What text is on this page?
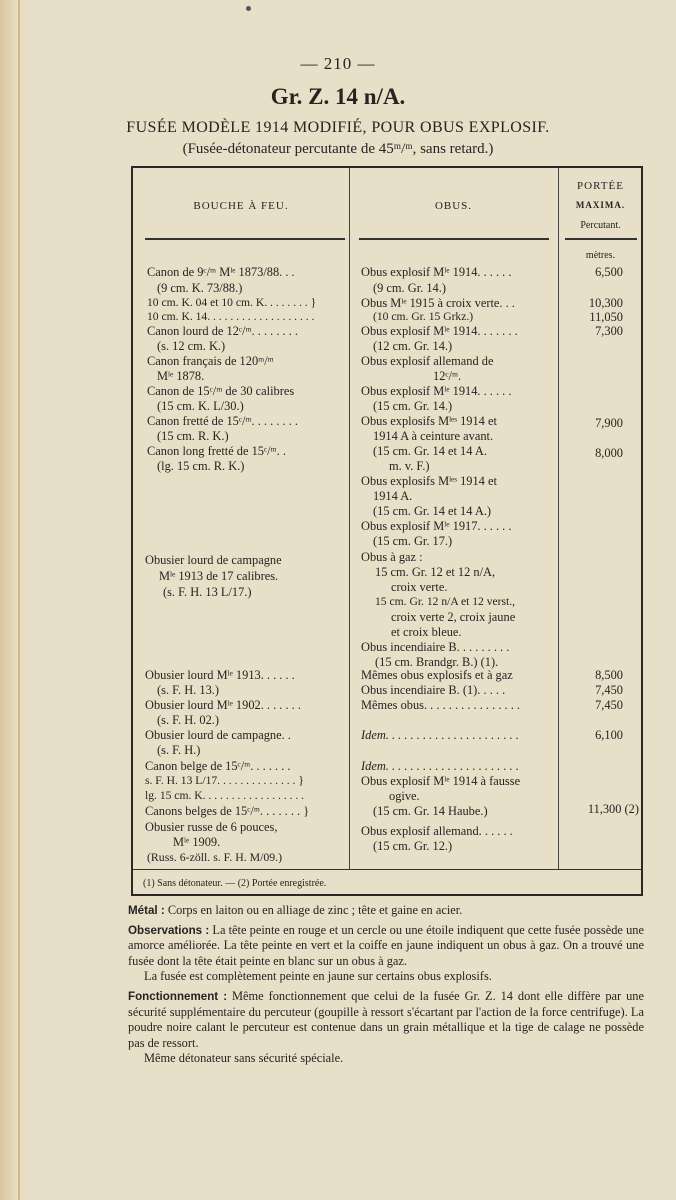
— 210 —
Gr. Z. 14 n/A.
FUSÉE MODÈLE 1914 MODIFIÉ, POUR OBUS EXPLOSIF.
(Fusée-détonateur percutante de 45ᵐ/ᵐ, sans retard.)
BOUCHE À FEU.	OBUS.
PORTÉE
MAXIMA.
Percutant.
mètres.
Canon de 9ᶜ/ᵐ Mˡᵉ 1873/88. . .
(9 cm. K. 73/88.)
10 cm. K. 04 et 10 cm. K. . . . . . . . }
10 cm. K. 14. . . . . . . . . . . . . . . . . . .
Canon lourd de 12ᶜ/ᵐ. . . . . . . .
(s. 12 cm. K.)
Canon français de 120ᵐ/ᵐ
Mˡᵉ 1878.
Canon de 15ᶜ/ᵐ de 30 calibres
(15 cm. K. L/30.)
Canon fretté de 15ᶜ/ᵐ. . . . . . . .
(15 cm. R. K.)
Canon long fretté de 15ᶜ/ᵐ. .
(lg. 15 cm. R. K.)
Obusier lourd de campagne
Mˡᵉ 1913 de 17 calibres.
(s. F. H. 13 L/17.)
Obusier lourd Mˡᵉ 1913. . . . . .
(s. F. H. 13.)
Obusier lourd Mˡᵉ 1902. . . . . . .
(s. F. H. 02.)
Obusier lourd de campagne. .
(s. F. H.)
Canon belge de 15ᶜ/ᵐ. . . . . . .
s. F. H. 13 L/17. . . . . . . . . . . . . . }
lg. 15 cm. K. . . . . . . . . . . . . . . . . .
Canons belges de 15ᶜ/ᵐ. . . . . . . }
Obusier russe de 6 pouces,
Mˡᵉ 1909.
(Russ. 6-zöll. s. F. H. M/09.)
Obus explosif Mˡᵉ 1914. . . . . .
(9 cm. Gr. 14.)
Obus Mˡᵉ 1915 à croix verte. . .
(10 cm. Gr. 15 Grkz.)
Obus explosif Mˡᵉ 1914. . . . . . .
(12 cm. Gr. 14.)
Obus explosif allemand de
12ᶜ/ᵐ.
Obus explosif Mˡᵉ 1914. . . . . .
(15 cm. Gr. 14.)
Obus explosifs Mˡᵉˢ 1914 et
1914 A à ceinture avant.
(15 cm. Gr. 14 et 14 A.
m. v. F.)
Obus explosifs Mˡᵉˢ 1914 et
1914 A.
(15 cm. Gr. 14 et 14 A.)
Obus explosif Mˡᵉ 1917. . . . . .
(15 cm. Gr. 17.)
Obus à gaz :
15 cm. Gr. 12 et 12 n/A,
croix verte.
15 cm. Gr. 12 n/A et 12 verst.,
croix verte 2, croix jaune
et croix bleue.
Obus incendiaire B. . . . . . . . .
(15 cm. Brandgr. B.) (1).
Mêmes obus explosifs et à gaz
Obus incendiaire B. (1). . . . .
Mêmes obus. . . . . . . . . . . . . . . .
Idem. . . . . . . . . . . . . . . . . . . . . .
Idem. . . . . . . . . . . . . . . . . . . . . .
Obus explosif Mˡᵉ 1914 à fausse
ogive.
(15 cm. Gr. 14 Haube.)
Obus explosif allemand. . . . . .
(15 cm. Gr. 12.)
6,500
10,300
11,050
7,300
7,900
8,000
8,500
7,450
7,450
6,100
11,300 (2)
(1) Sans détonateur. — (2) Portée enregistrée.

Métal : Corps en laiton ou en alliage de zinc ; tête et gaine en acier.

Observations : La tête peinte en rouge et un cercle ou une étoile indiquent que cette fusée possède une amorce améliorée. La tête peinte en vert et la coiffe en jaune indiquent un obus à gaz. On a trouvé une fusée dont la tête était peinte en blanc sur un obus à gaz.

La fusée est complètement peinte en jaune sur certains obus explosifs.

Fonctionnement : Même fonctionnement que celui de la fusée Gr. Z. 14 dont elle diffère par une sécurité supplémentaire du percuteur (goupille à ressort s'écartant par l'action de la force centrifuge). La poudre noire calant le percuteur est contenue dans un grain métallique et la tige de calage ne possède pas de ressort.

Même détonateur sans sécurité spéciale.
